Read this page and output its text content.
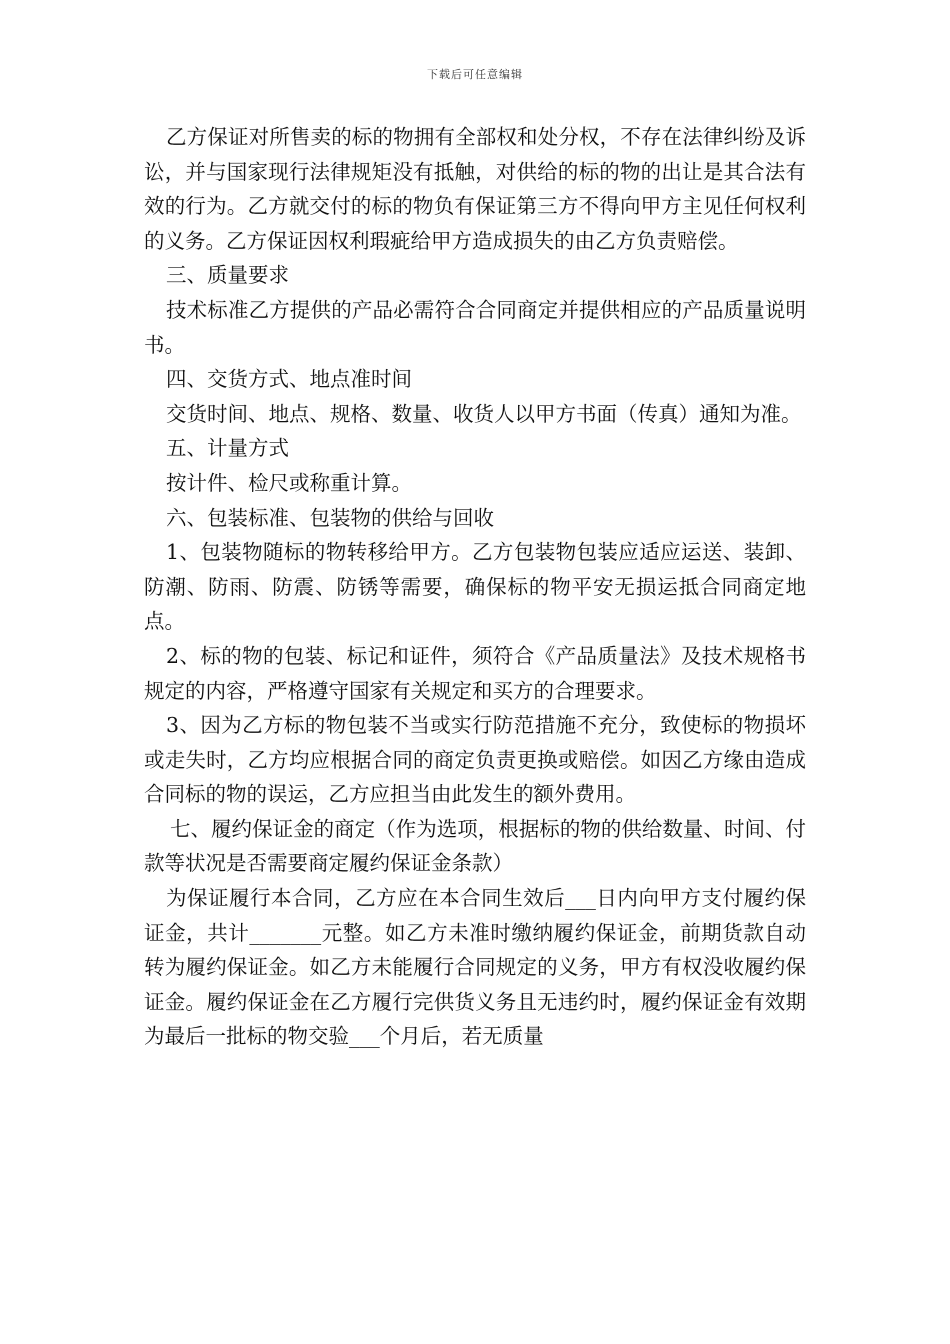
下载后可任意编辑

乙方保证对所售卖的标的物拥有全部权和处分权，不存在法律纠纷及诉讼，并与国家现行法律规矩没有抵触，对供给的标的物的出让是其合法有效的行为。乙方就交付的标的物负有保证第三方不得向甲方主见任何权利的义务。乙方保证因权利瑕疵给甲方造成损失的由乙方负责赔偿。

三、质量要求

技术标准乙方提供的产品必需符合合同商定并提供相应的产品质量说明书。

四、交货方式、地点准时间

交货时间、地点、规格、数量、收货人以甲方书面（传真）通知为准。

五、计量方式

按计件、检尺或称重计算。

六、包装标准、包装物的供给与回收

1、包装物随标的物转移给甲方。乙方包装物包装应适应运送、装卸、防潮、防雨、防震、防锈等需要，确保标的物平安无损运抵合同商定地点。

2、标的物的包装、标记和证件，须符合《产品质量法》及技术规格书规定的内容，严格遵守国家有关规定和买方的合理要求。

3、因为乙方标的物包装不当或实行防范措施不充分，致使标的物损坏或走失时，乙方均应根据合同的商定负责更换或赔偿。如因乙方缘由造成合同标的物的误运，乙方应担当由此发生的额外费用。

七、履约保证金的商定（作为选项，根据标的物的供给数量、时间、付款等状况是否需要商定履约保证金条款）

为保证履行本合同，乙方应在本合同生效后___日内向甲方支付履约保证金，共计_______元整。如乙方未准时缴纳履约保证金，前期货款自动转为履约保证金。如乙方未能履行合同规定的义务，甲方有权没收履约保证金。履约保证金在乙方履行完供货义务且无违约时，履约保证金有效期为最后一批标的物交验___个月后，若无质量
